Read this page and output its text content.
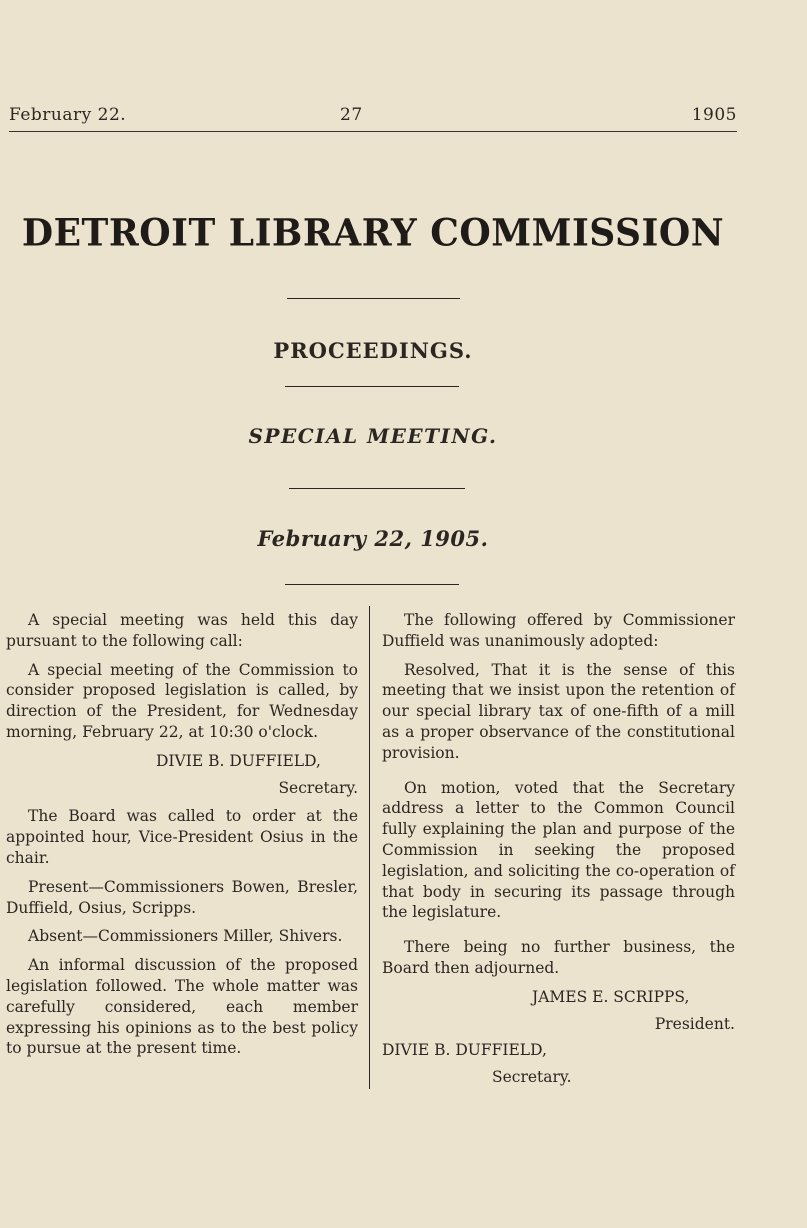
February 22.	27	1905
DETROIT LIBRARY COMMISSION
PROCEEDINGS.
SPECIAL MEETING.
February 22, 1905.

A special meeting was held this day pursuant to the following call:

A special meeting of the Commission to consider proposed legislation is called, by direction of the President, for Wednesday morning, February 22, at 10:30 o'clock.

DIVIE B. DUFFIELD,

Secretary.

The Board was called to order at the appointed hour, Vice-President Osius in the chair.

Present—Commissioners Bowen, Bresler, Duffield, Osius, Scripps.

Absent—Commissioners Miller, Shivers.

An informal discussion of the proposed legislation followed. The whole matter was carefully considered, each member expressing his opinions as to the best policy to pursue at the present time.

The following offered by Commissioner Duffield was unanimously adopted:

Resolved, That it is the sense of this meeting that we insist upon the retention of our special library tax of one-fifth of a mill as a proper observance of the constitutional provision.

On motion, voted that the Secretary address a letter to the Common Council fully explaining the plan and purpose of the Commission in seeking the proposed legislation, and soliciting the co-operation of that body in securing its passage through the legislature.

There being no further business, the Board then adjourned.

JAMES E. SCRIPPS,

President.

DIVIE B. DUFFIELD,

Secretary.
